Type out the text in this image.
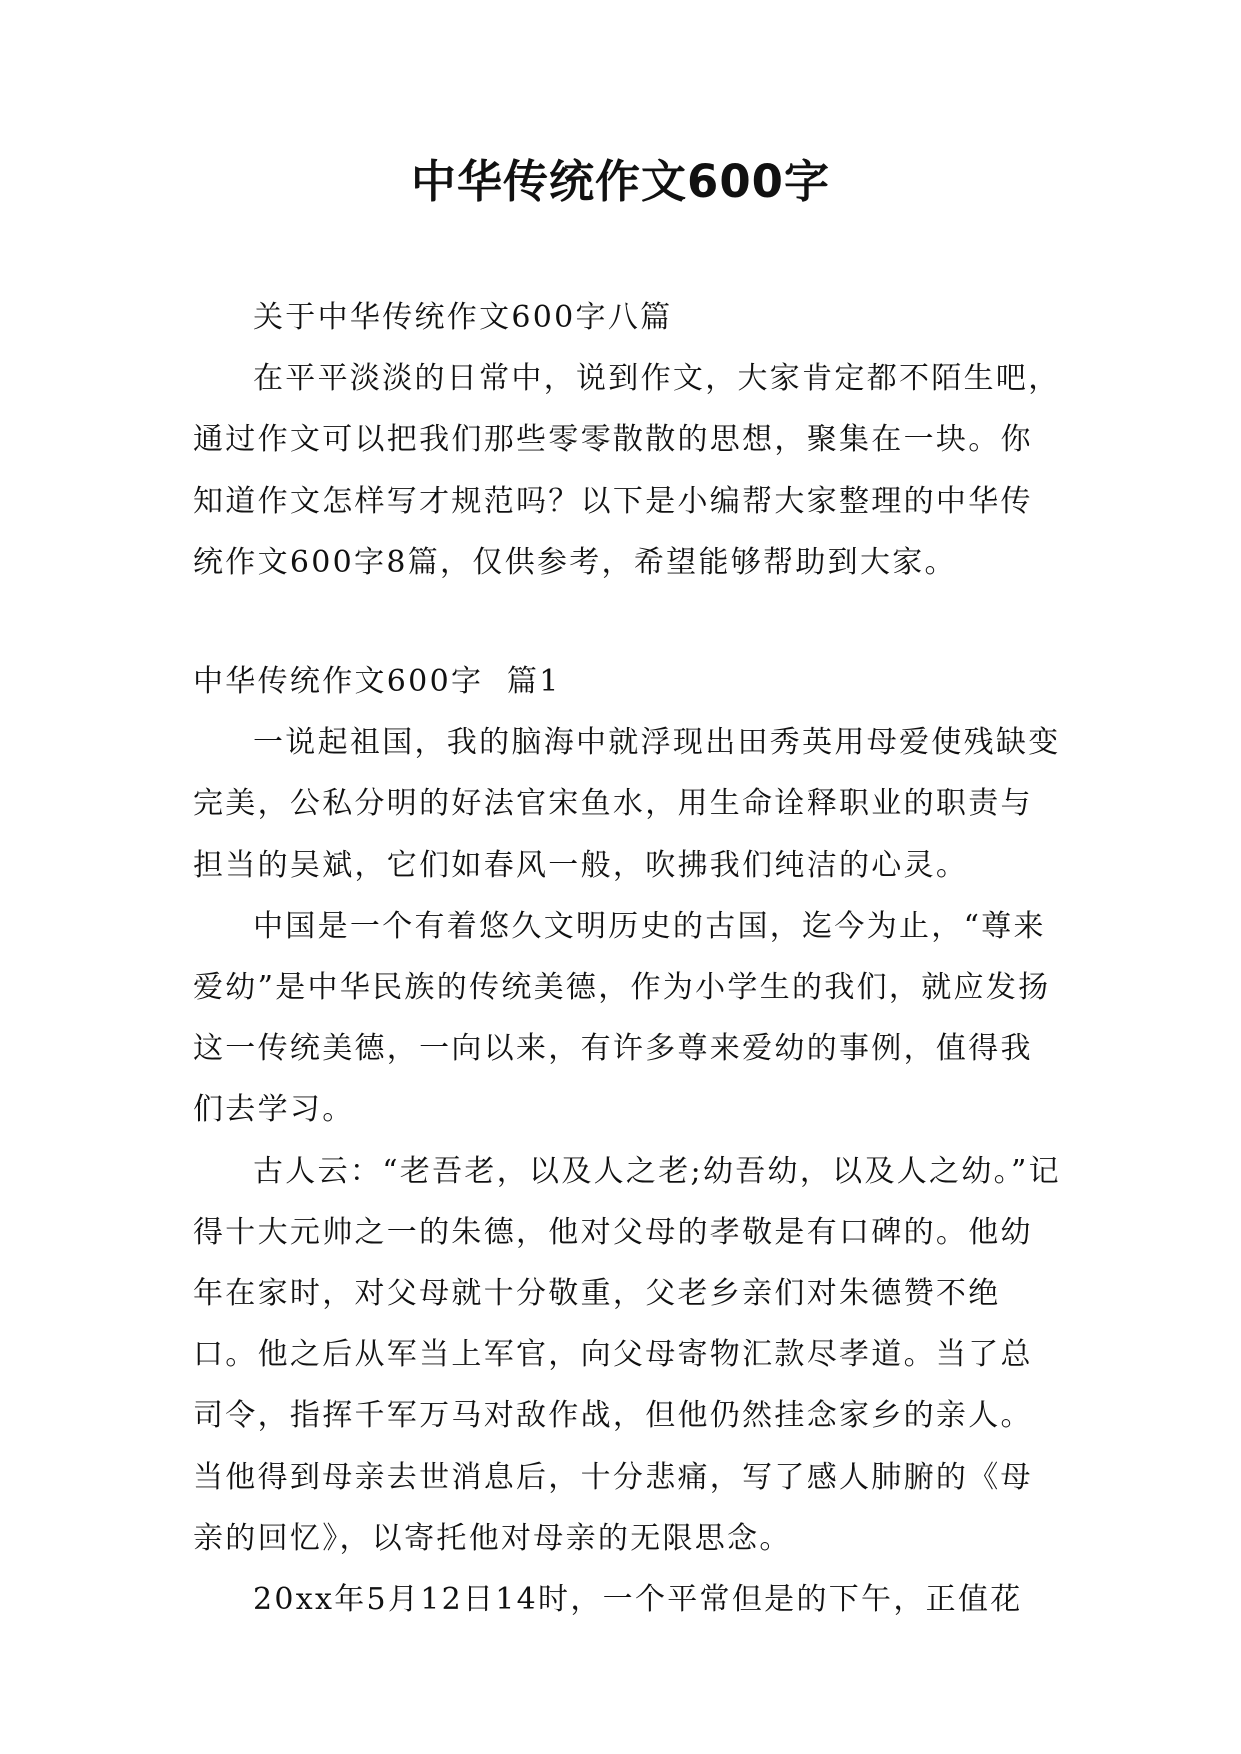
中华传统作文600字

关于中华传统作文600字八篇

在平平淡淡的日常中，说到作文，大家肯定都不陌生吧，通过作文可以把我们那些零零散散的思想，聚集在一块。你知道作文怎样写才规范吗？以下是小编帮大家整理的中华传统作文600字8篇，仅供参考，希望能够帮助到大家。

中华传统作文600字  篇1

一说起祖国，我的脑海中就浮现出田秀英用母爱使残缺变完美，公私分明的好法官宋鱼水，用生命诠释职业的职责与担当的吴斌，它们如春风一般，吹拂我们纯洁的心灵。

中国是一个有着悠久文明历史的古国，迄今为止，“尊来爱幼”是中华民族的传统美德，作为小学生的我们，就应发扬这一传统美德，一向以来，有许多尊来爱幼的事例，值得我们去学习。

古人云：“老吾老，以及人之老;幼吾幼，以及人之幼。”记得十大元帅之一的朱德，他对父母的孝敬是有口碑的。他幼年在家时，对父母就十分敬重，父老乡亲们对朱德赞不绝口。他之后从军当上军官，向父母寄物汇款尽孝道。当了总司令，指挥千军万马对敌作战，但他仍然挂念家乡的亲人。当他得到母亲去世消息后，十分悲痛，写了感人肺腑的《母亲的回忆》，以寄托他对母亲的无限思念。

20xx年5月12日14时，一个平常但是的下午，正值花
